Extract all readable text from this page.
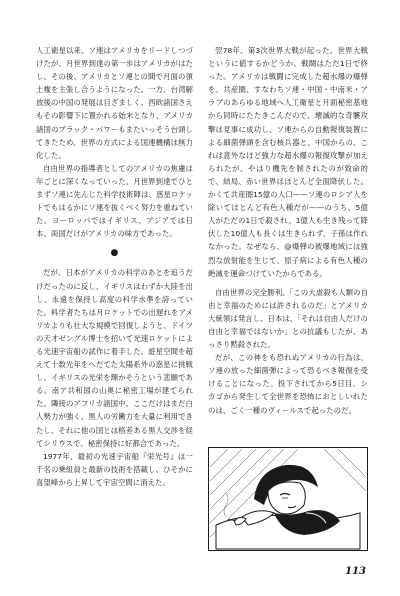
人工衛星以来、ソ連はアメリカをリードしつづけたが、月世界到達の第一歩はアメリカがはたし、その後、アメリカとソ連との間で月面の領土権を主張し合うようになった。一方、台湾解放後の中国の発展は目ざましく、西欧諸国さえもその影響下に置かれる始末となり、アメリカ諸国のブラック・パワーもまたいっそう台頭してきたため、世界の方式による国連機構は無力化した。

自由世界の指導者としてのアメリカの焦慮は年ごとに深くなっていった。月世界到達でひとまずソ連に先んじた科学技術陣は、惑星ロケットでもはるかにソ連を抜くべく努力を重ねていた。ヨーロッパではイギリス、アジアでは日本、両国だけがアメリカの味方であった。

●

だが、日本がアメリカの科学のあとを追うだけだったのに反し、イギリスはわずか大陸を出し、永遠を保持し高度の科学水準を誇っていた。科学者たちは月ロケットでの出遅れをアメリカよりも壮大な規模で回復しようと、ドイツの天才ゼングル博士を招いて光速ロケットによる光速宇宙船の試作に着手した。遊星空間を超えて十数光年をへだてた太陽系外の惑星に挑戦し、イギリスの光栄を輝かそうという悲願である。南ア共和国の山奥に秘密工場が建てられた。隣接のアフリカ諸国中、ここだけはまだ白人勢力が強く、黒人の労働力を大量に利用できたし、それに他の国とは格差ある黒人交渉を経てシリウスで、秘密保持に好都合であった。

1977年、最初の光速宇宙船『栄光号』は一千名の乗組員と最新の技術を搭載し、ひそかに喜望峰から上昇して宇宙空間に消えた。

翌78年、第3次世界大戦が起った。世界大戦というに値するかどうか、戦闘はただ1日で終った。アメリカは戦闘に完成した超水爆の爆弾を、共産圏、すなわちソ連・中国・中南米・アラブのあらゆる地域へ人工衛星と月面秘密基地から同時にたたきこんだので、壊滅的な奇襲攻撃は見事に成功し、ソ連からの自動報復装置による細菌弾頭を含む核兵器と、中国からの、これは意外なほど強力な超水爆の報復攻撃が加えられたが、やはり機先を制されたのが致命的で、結局、赤い世界はほとんど全面降伏した。かくて共産圏15億の人口——ソ連のロシア人を除いてほとんど有色人種だが——のうち、5億人がただの1日で殺され、1億人も生き残って降伏した10億人も長くは生きられず、子孫は作れなかった。なぜなら、@爆弾の被爆地域には強烈な放射能を生じて、原子病による有色人種の絶滅を運命づけていたからである。

自由世界の完全勝利。「この大虐殺も人類の自由と幸福のためには許されるのだ」とアメリカ大統領は発言し、日本は、「それは自由人だけの自由と幸福ではないか」との抗議もしたが、あっさり黙殺された。

だが、この神をも恐れぬアメリカの行為は、ソ連の放った細菌弾によって恐るべき報復を受けることになった。投下されてから5日目、シカゴから発生して全世界を恐怖におとしいれたのは、ごく一種のヴィールスで起ったのだ。

113
